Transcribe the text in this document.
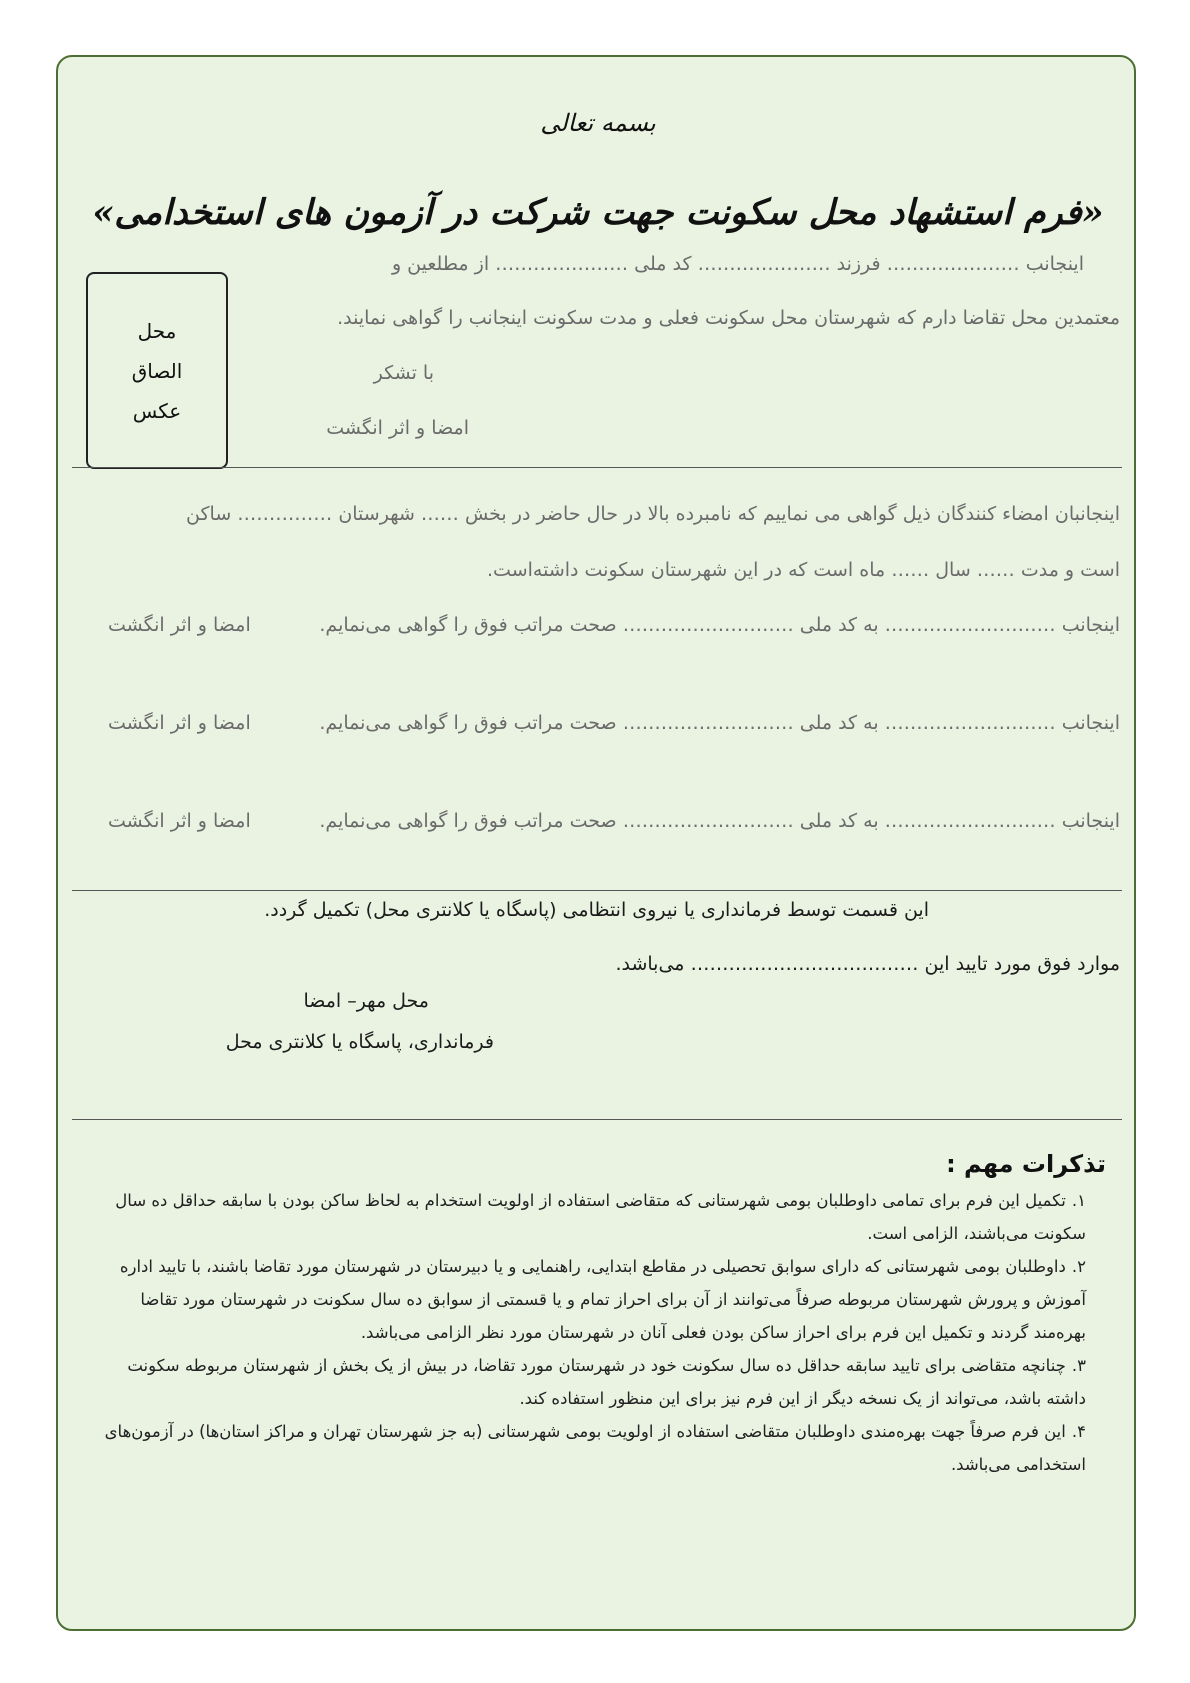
بسمه تعالی
«فرم استشهاد محل سکونت جهت شرکت در آزمون های استخدامی»
محل
الصاق
عکس
اینجانب ………………… فرزند ………………… کد ملی ………………… از مطلعین و
معتمدین محل تقاضا دارم که شهرستان محل سکونت فعلی و مدت سکونت اینجانب را گواهی نمایند.
با تشکر
امضا و اثر انگشت
اینجانبان امضاء کنندگان ذیل گواهی می نماییم که نامبرده بالا در حال حاضر در بخش …… شهرستان …………… ساکن
است و مدت …… سال …… ماه است که در این شهرستان سکونت داشته‌است.
اینجانب ……………………… به کد ملی ……………………… صحت مراتب فوق را گواهی می‌نمایم.
امضا و اثر انگشت
اینجانب ……………………… به کد ملی ……………………… صحت مراتب فوق را گواهی می‌نمایم.
امضا و اثر انگشت
اینجانب ……………………… به کد ملی ……………………… صحت مراتب فوق را گواهی می‌نمایم.
امضا و اثر انگشت
این قسمت توسط فرمانداری یا نیروی انتظامی (پاسگاه یا کلانتری محل) تکمیل گردد.
موارد فوق مورد تایید این ……………………………… می‌باشد.
محل مهر– امضا
فرمانداری، پاسگاه یا کلانتری محل
تذکرات مهم :
۱.تکمیل این فرم برای تمامی داوطلبان بومی شهرستانی که متقاضی استفاده از اولویت استخدام به لحاظ ساکن بودن با سابقه حداقل ده سال سکونت می‌باشند، الزامی است.
۲.داوطلبان بومی شهرستانی که دارای سوابق تحصیلی در مقاطع ابتدایی، راهنمایی و یا دبیرستان در شهرستان مورد تقاضا باشند، با تایید اداره آموزش و پرورش شهرستان مربوطه صرفاً می‌توانند از آن برای احراز تمام و یا قسمتی از سوابق ده سال سکونت در شهرستان مورد تقاضا بهره‌مند گردند و تکمیل این فرم برای احراز ساکن بودن فعلی آنان در شهرستان مورد نظر الزامی می‌باشد.
۳.چنانچه متقاضی برای تایید سابقه حداقل ده سال سکونت خود در شهرستان مورد تقاضا، در بیش از یک بخش از شهرستان مربوطه سکونت داشته باشد، می‌تواند از یک نسخه دیگر از این فرم نیز برای این منظور استفاده کند.
۴.این فرم صرفاً جهت بهره‌مندی داوطلبان متقاضی استفاده از اولویت بومی شهرستانی (به جز شهرستان تهران و مراکز استان‌ها) در آزمون‌های استخدامی می‌باشد.
